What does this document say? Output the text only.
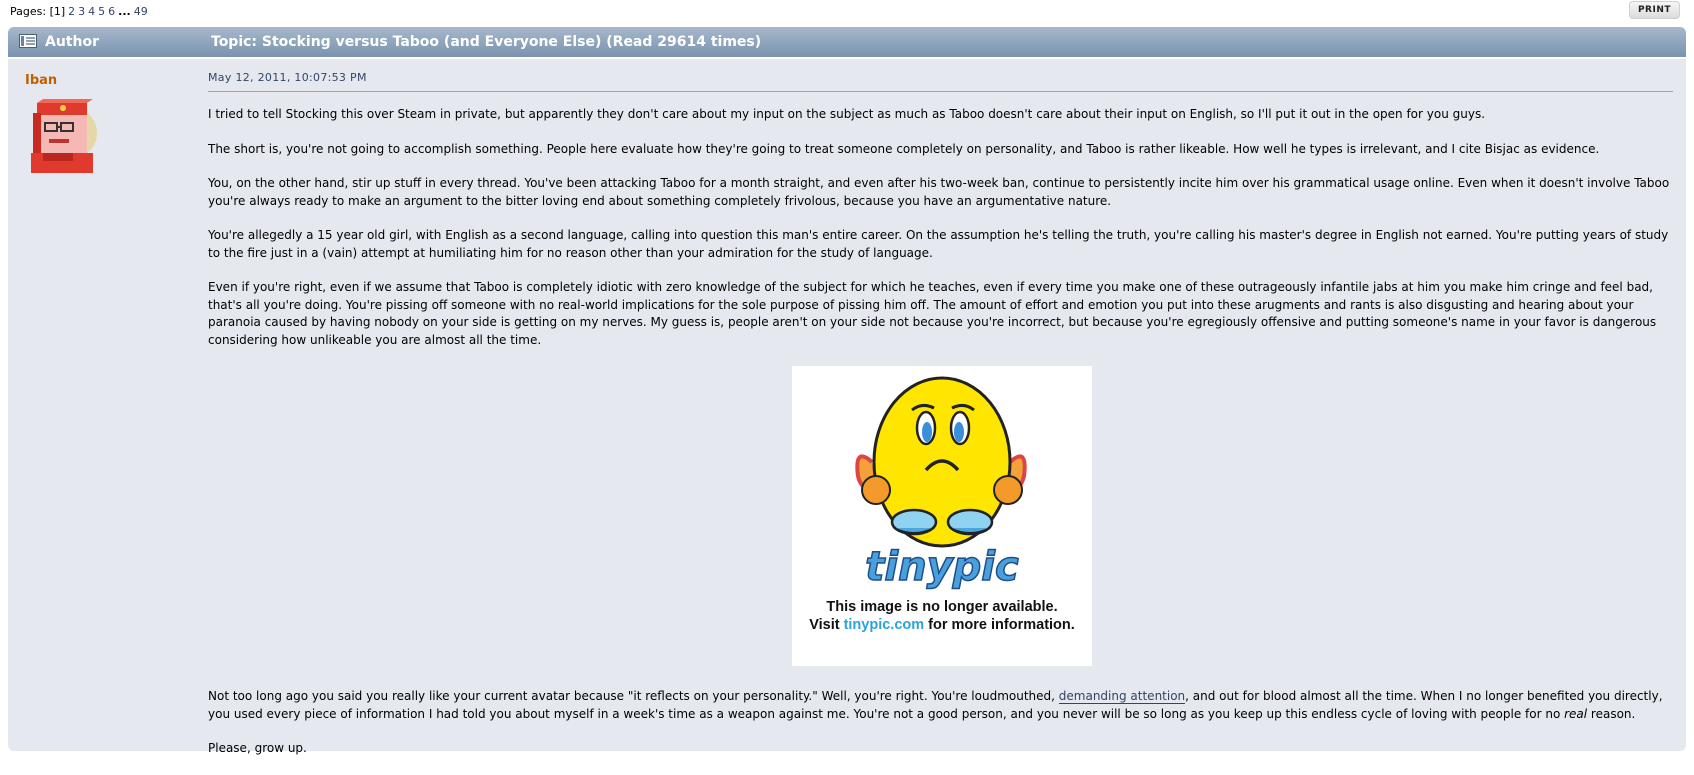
Pages: [1] 2 3 4 5 6 ... 49	PRINT
Author	Topic: Stocking versus Taboo (and Everyone Else) (Read 29614 times)
Iban	May 12, 2011, 10:07:53 PM

I tried to tell Stocking this over Steam in private, but apparently they don't care about my input on the subject as much as Taboo doesn't care about their input on English, so I'll put it out in the open for you guys.

The short is, you're not going to accomplish something. People here evaluate how they're going to treat someone completely on personality, and Taboo is rather likeable. How well he types is irrelevant, and I cite Bisjac as evidence.

You, on the other hand, stir up stuff in every thread. You've been attacking Taboo for a month straight, and even after his two-week ban, continue to persistently incite him over his grammatical usage online. Even when it doesn't involve Taboo you're always ready to make an argument to the bitter loving end about something completely frivolous, because you have an argumentative nature.

You're allegedly a 15 year old girl, with English as a second language, calling into question this man's entire career. On the assumption he's telling the truth, you're calling his master's degree in English not earned. You're putting years of study to the fire just in a (vain) attempt at humiliating him for no reason other than your admiration for the study of language.

Even if you're right, even if we assume that Taboo is completely idiotic with zero knowledge of the subject for which he teaches, even if every time you make one of these outrageously infantile jabs at him you make him cringe and feel bad, that's all you're doing. You're pissing off someone with no real-world implications for the sole purpose of pissing him off. The amount of effort and emotion you put into these arugments and rants is also disgusting and hearing about your paranoia caused by having nobody on your side is getting on my nerves. My guess is, people aren't on your side not because you're incorrect, but because you're egregiously offensive and putting someone's name in your favor is dangerous considering how unlikeable you are almost all the time.

tinypic
This image is no longer available.
Visit tinypic.com for more information.

Not too long ago you said you really like your current avatar because "it reflects on your personality." Well, you're right. You're loudmouthed, demanding attention, and out for blood almost all the time. When I no longer benefited you directly, you used every piece of information I had told you about myself in a week's time as a weapon against me. You're not a good person, and you never will be so long as you keep up this endless cycle of loving with people for no real reason.

Please, grow up.
